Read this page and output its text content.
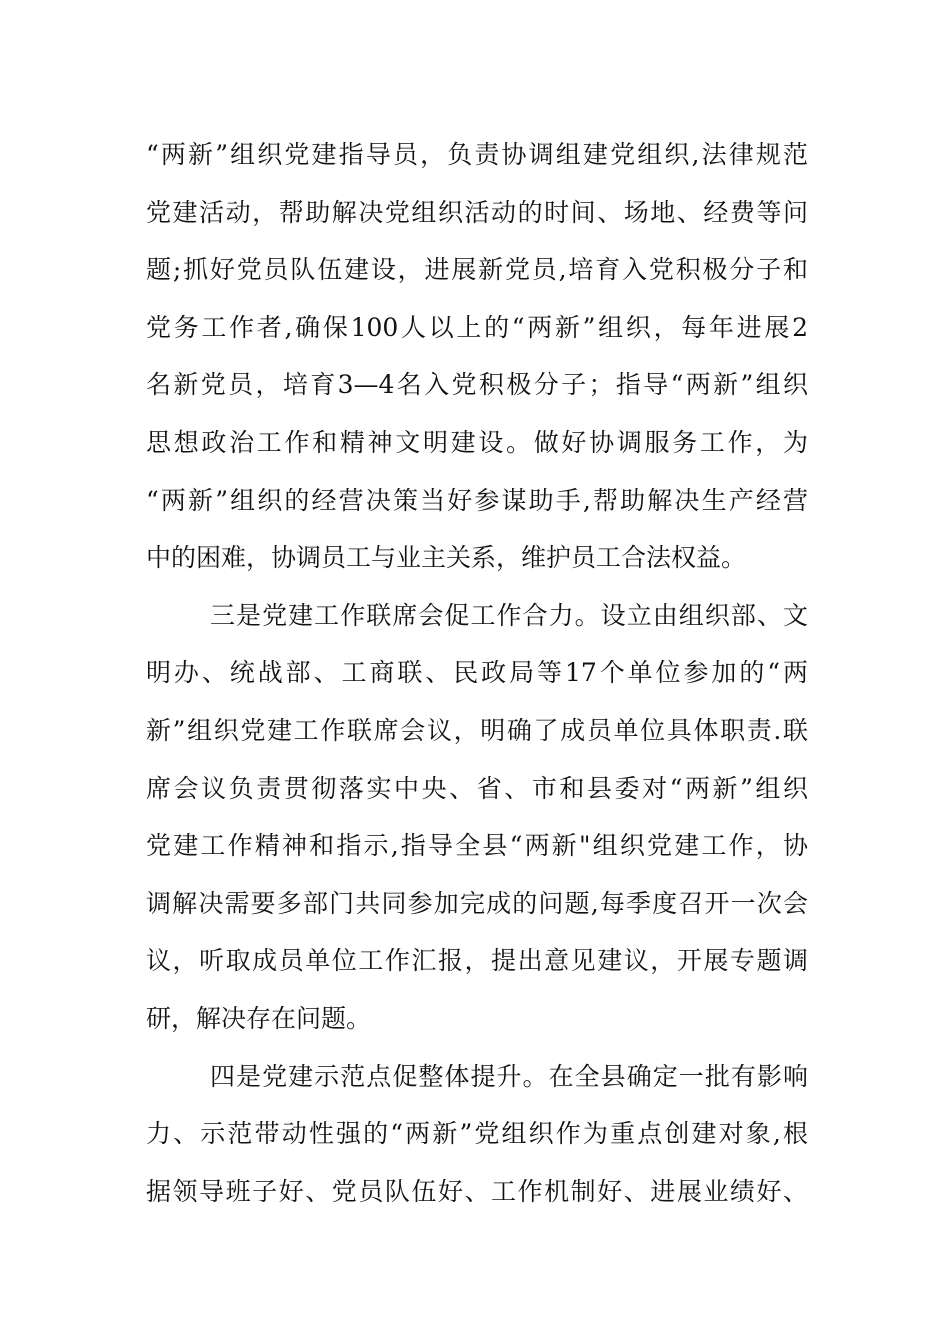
“两新”组织党建指导员，负责协调组建党组织,法律规范
党建活动，帮助解决党组织活动的时间、场地、经费等问
题;抓好党员队伍建设，进展新党员,培育入党积极分子和
党务工作者,确保100人以上的“两新”组织，每年进展2
名新党员，培育3—4名入党积极分子；指导“两新”组织
思想政治工作和精神文明建设。做好协调服务工作，为
“两新”组织的经营决策当好参谋助手,帮助解决生产经营
中的困难，协调员工与业主关系，维护员工合法权益。
三是党建工作联席会促工作合力。设立由组织部、文
明办、统战部、工商联、民政局等17个单位参加的“两
新”组织党建工作联席会议，明确了成员单位具体职责.联
席会议负责贯彻落实中央、省、市和县委对“两新”组织
党建工作精神和指示,指导全县“两新"组织党建工作，协
调解决需要多部门共同参加完成的问题,每季度召开一次会
议，听取成员单位工作汇报，提出意见建议，开展专题调
研，解决存在问题。
四是党建示范点促整体提升。在全县确定一批有影响
力、示范带动性强的“两新”党组织作为重点创建对象,根
据领导班子好、党员队伍好、工作机制好、进展业绩好、
